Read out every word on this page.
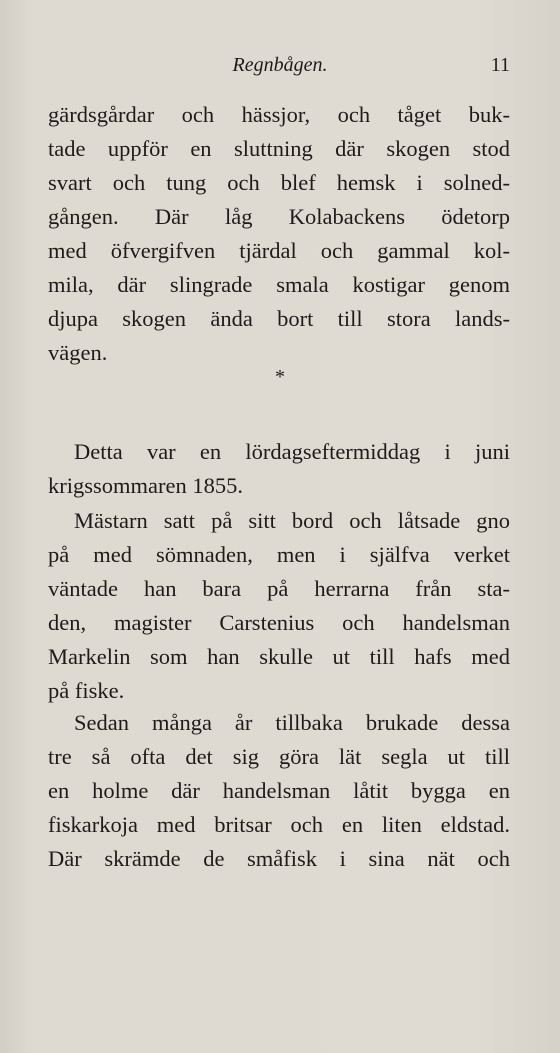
Regnbågen.	11
gärdsgårdar och hässjor, och tåget buk-
tade uppför en sluttning där skogen stod
svart och tung och blef hemsk i solned-
gången. Där låg Kolabackens ödetorp
med öfvergifven tjärdal och gammal kol-
mila, där slingrade smala kostigar genom
djupa skogen ända bort till stora lands-
vägen.
*
Detta var en lördagseftermiddag i juni
krigssommaren 1855.
Mästarn satt på sitt bord och låtsade gno
på med sömnaden, men i själfva verket
väntade han bara på herrarna från sta-
den, magister Carstenius och handelsman
Markelin som han skulle ut till hafs med
på fiske.
Sedan många år tillbaka brukade dessa
tre så ofta det sig göra lät segla ut till
en holme där handelsman låtit bygga en
fiskarkoja med britsar och en liten eldstad.
Där skrämde de småfisk i sina nät och
